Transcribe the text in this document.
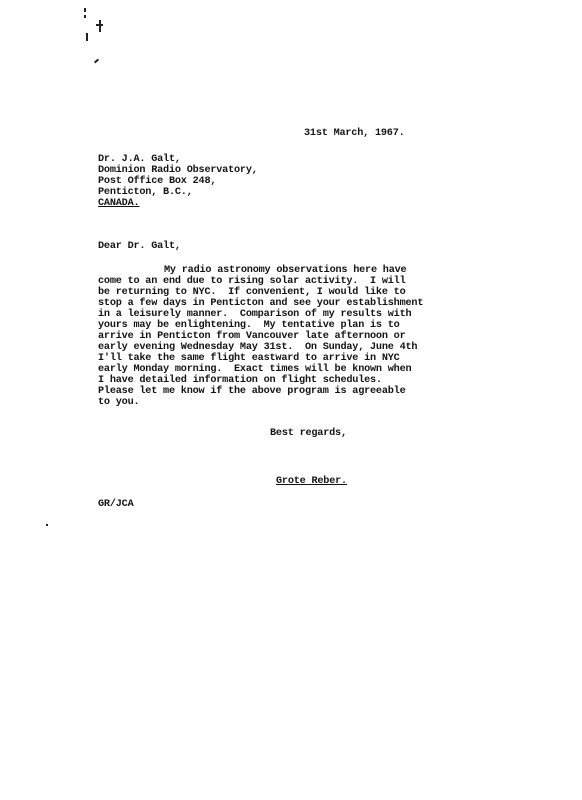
31st March, 1967.
Dr. J.A. Galt,
Dominion Radio Observatory,
Post Office Box 248,
Penticton, B.C.,
CANADA.
Dear Dr. Galt,
My radio astronomy observations here have
come to an end due to rising solar activity.  I will
be returning to NYC.  If convenient, I would like to
stop a few days in Penticton and see your establishment
in a leisurely manner.  Comparison of my results with
yours may be enlightening.  My tentative plan is to
arrive in Penticton from Vancouver late afternoon or
early evening Wednesday May 31st.  On Sunday, June 4th
I'll take the same flight eastward to arrive in NYC
early Monday morning.  Exact times will be known when
I have detailed information on flight schedules.
Please let me know if the above program is agreeable
to you.
Best regards,
Grote Reber.
GR/JCA
